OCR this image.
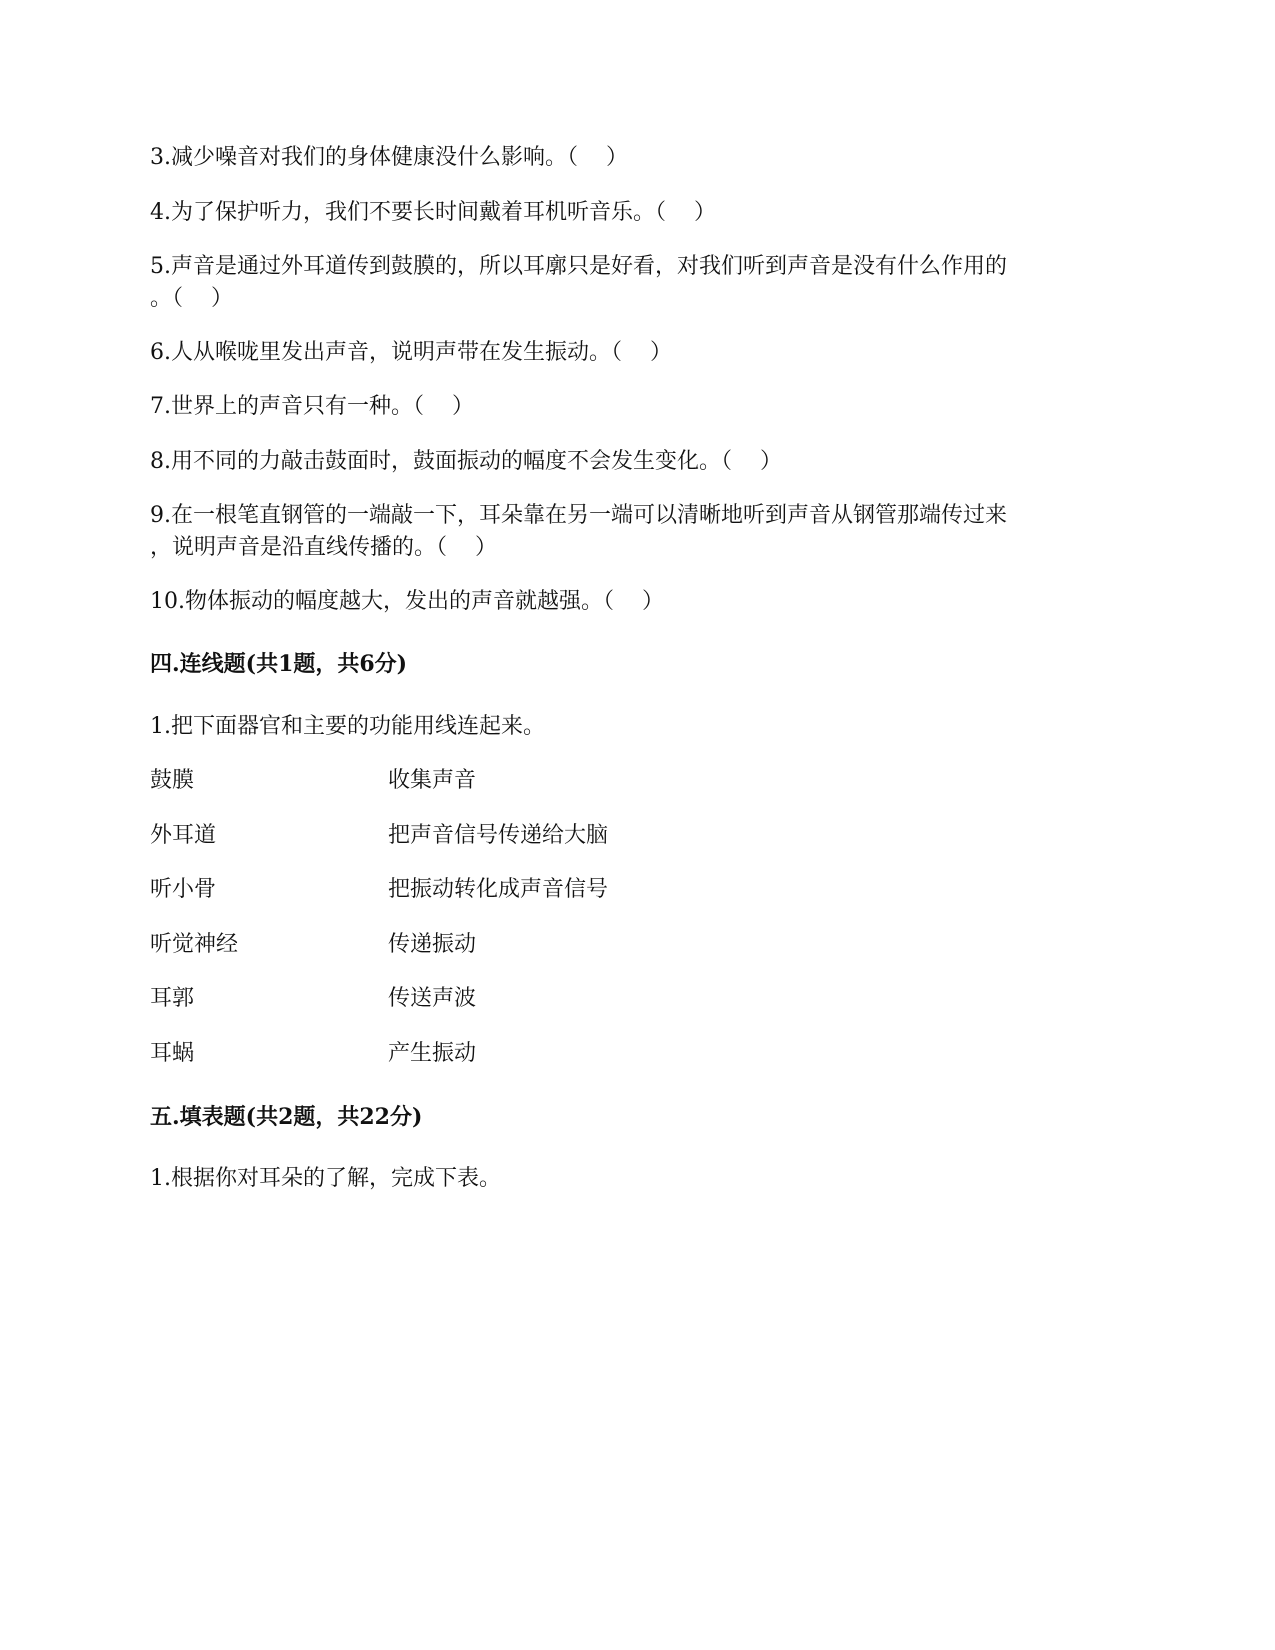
3.减少噪音对我们的身体健康没什么影响。（    ）
4.为了保护听力，我们不要长时间戴着耳机听音乐。（    ）
5.声音是通过外耳道传到鼓膜的，所以耳廓只是好看，对我们听到声音是没有什么作用的
。（    ）
6.人从喉咙里发出声音，说明声带在发生振动。（    ）
7.世界上的声音只有一种。（    ）
8.用不同的力敲击鼓面时，鼓面振动的幅度不会发生变化。（    ）
9.在一根笔直钢管的一端敲一下，耳朵靠在另一端可以清晰地听到声音从钢管那端传过来
，说明声音是沿直线传播的。（    ）
10.物体振动的幅度越大，发出的声音就越强。（    ）
四.连线题(共1题，共6分)
1.把下面器官和主要的功能用线连起来。
鼓膜	收集声音
外耳道	把声音信号传递给大脑
听小骨	把振动转化成声音信号
听觉神经	传递振动
耳郭	传送声波
耳蜗	产生振动
五.填表题(共2题，共22分)
1.根据你对耳朵的了解，完成下表。
